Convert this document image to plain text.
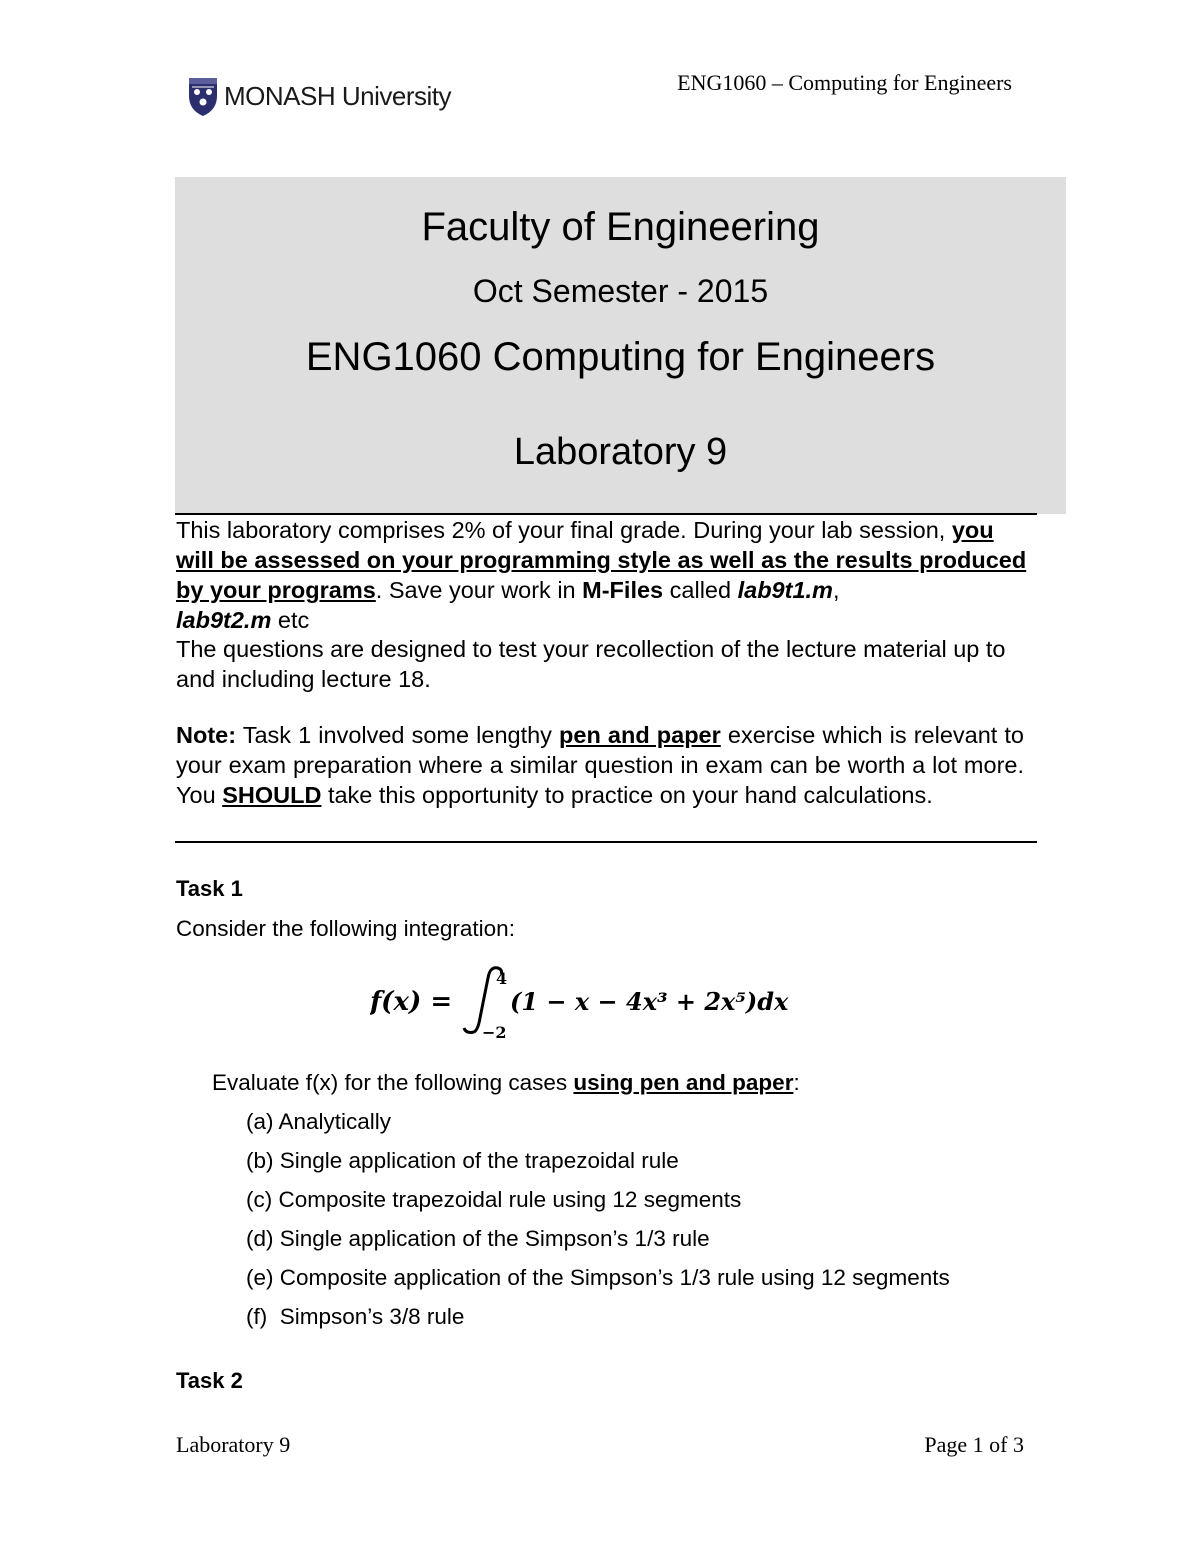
MONASH University	ENG1060 – Computing for Engineers
Faculty of Engineering
Oct Semester - 2015
ENG1060 Computing for Engineers
Laboratory 9
This laboratory comprises 2% of your final grade. During your lab session, you will be assessed on your programming style as well as the results produced by your programs. Save your work in M-Files called lab9t1.m,
lab9t2.m etc
The questions are designed to test your recollection of the lecture material up to and including lecture 18.
Note: Task 1 involved some lengthy pen and paper exercise which is relevant to your exam preparation where a similar question in exam can be worth a lot more. You SHOULD take this opportunity to practice on your hand calculations.
Task 1
Consider the following integration:
f(x) =
4
−2
(1 − x − 4x³ + 2x⁵)dx
Evaluate f(x) for the following cases using pen and paper:
(a) Analytically
(b) Single application of the trapezoidal rule
(c) Composite trapezoidal rule using 12 segments
(d) Single application of the Simpson’s 1/3 rule
(e) Composite application of the Simpson’s 1/3 rule using 12 segments
(f)  Simpson’s 3/8 rule
Task 2
Laboratory 9	Page 1 of 3
